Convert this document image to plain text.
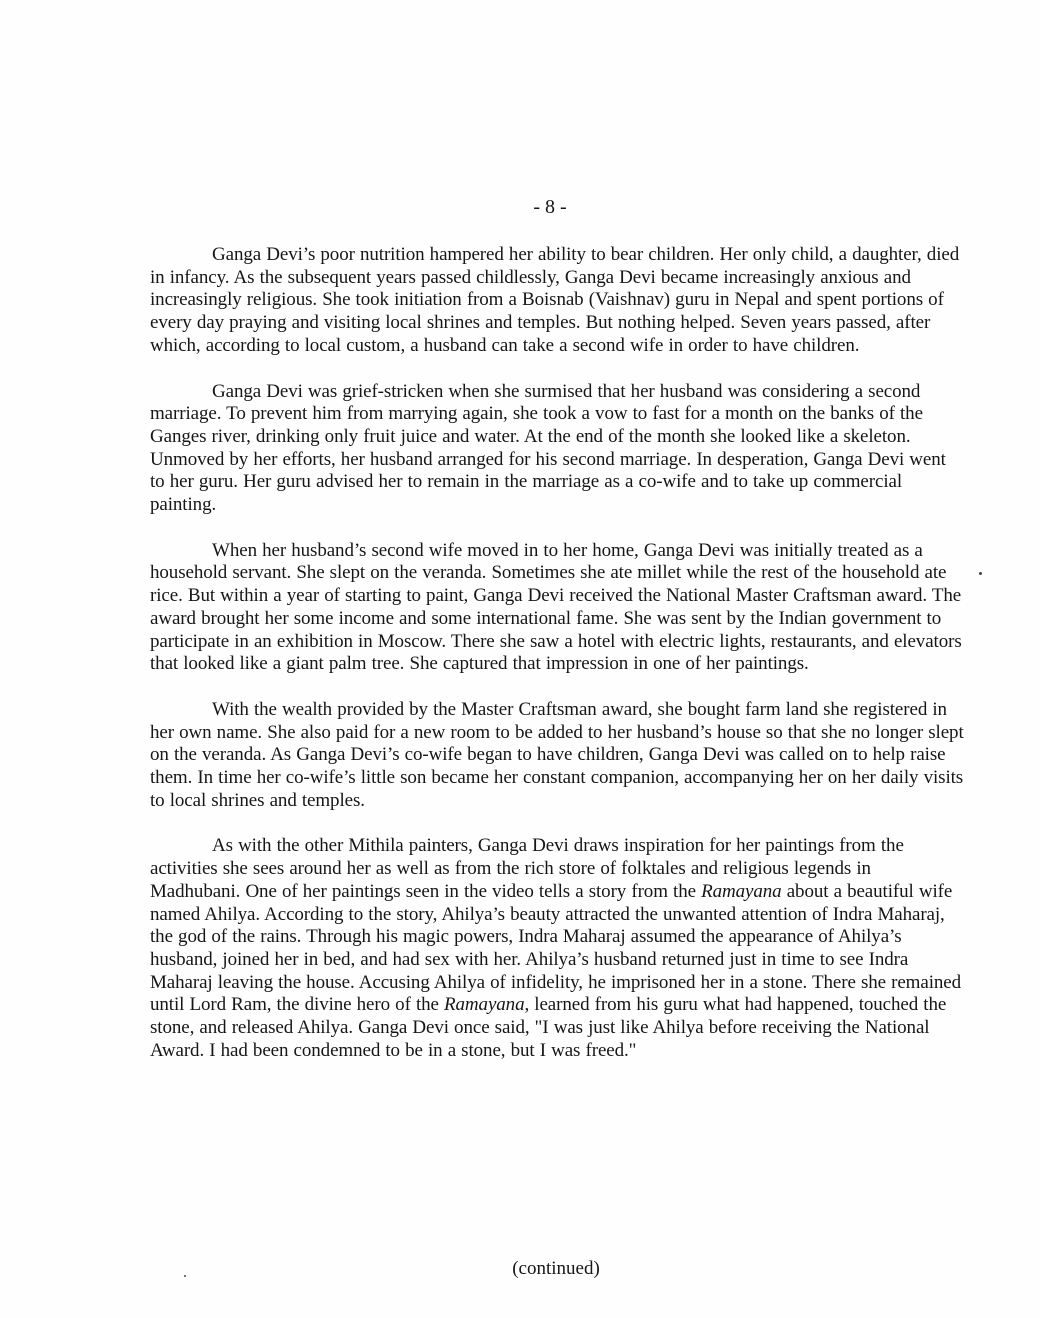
- 8 -

Ganga Devi’s poor nutrition hampered her ability to bear children. Her only child, a daughter, died in infancy. As the subsequent years passed childlessly, Ganga Devi became increasingly anxious and increasingly religious. She took initiation from a Boisnab (Vaishnav) guru in Nepal and spent portions of every day praying and visiting local shrines and temples. But nothing helped. Seven years passed, after which, according to local custom, a husband can take a second wife in order to have children.

Ganga Devi was grief-stricken when she surmised that her husband was considering a second marriage. To prevent him from marrying again, she took a vow to fast for a month on the banks of the Ganges river, drinking only fruit juice and water. At the end of the month she looked like a skeleton. Unmoved by her efforts, her husband arranged for his second marriage. In desperation, Ganga Devi went to her guru. Her guru advised her to remain in the marriage as a co-wife and to take up commercial painting.

When her husband’s second wife moved in to her home, Ganga Devi was initially treated as a household servant. She slept on the veranda. Sometimes she ate millet while the rest of the household ate rice. But within a year of starting to paint, Ganga Devi received the National Master Craftsman award. The award brought her some income and some international fame. She was sent by the Indian government to participate in an exhibition in Moscow. There she saw a hotel with electric lights, restaurants, and elevators that looked like a giant palm tree. She captured that impression in one of her paintings.

With the wealth provided by the Master Craftsman award, she bought farm land she registered in her own name. She also paid for a new room to be added to her husband’s house so that she no longer slept on the veranda. As Ganga Devi’s co-wife began to have children, Ganga Devi was called on to help raise them. In time her co-wife’s little son became her constant companion, accompanying her on her daily visits to local shrines and temples.

As with the other Mithila painters, Ganga Devi draws inspiration for her paintings from the activities she sees around her as well as from the rich store of folktales and religious legends in Madhubani. One of her paintings seen in the video tells a story from the Ramayana about a beautiful wife named Ahilya. According to the story, Ahilya’s beauty attracted the unwanted attention of Indra Maharaj, the god of the rains. Through his magic powers, Indra Maharaj assumed the appearance of Ahilya’s husband, joined her in bed, and had sex with her. Ahilya’s husband returned just in time to see Indra Maharaj leaving the house. Accusing Ahilya of infidelity, he imprisoned her in a stone. There she remained until Lord Ram, the divine hero of the Ramayana, learned from his guru what had happened, touched the stone, and released Ahilya. Ganga Devi once said, "I was just like Ahilya before receiving the National Award. I had been condemned to be in a stone, but I was freed."

(continued)
